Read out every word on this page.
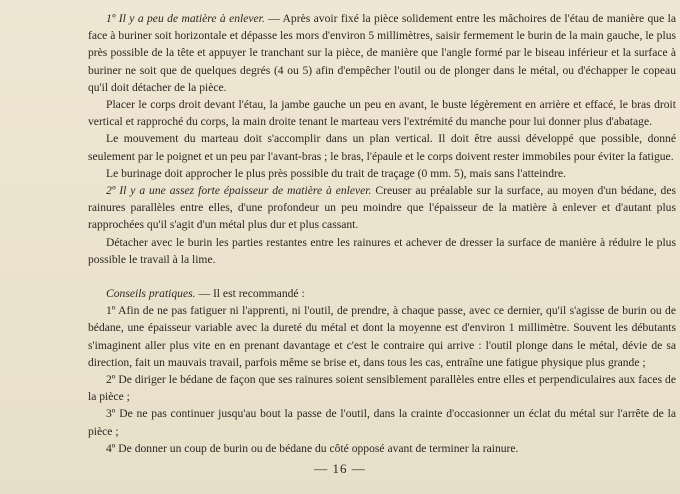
1º Il y a peu de matière à enlever. — Après avoir fixé la pièce solidement entre les mâchoires de l'étau de manière que la face à buriner soit horizontale et dépasse les mors d'environ 5 millimètres, saisir fermement le burin de la main gauche, le plus près possible de la tête et appuyer le tranchant sur la pièce, de manière que l'angle formé par le biseau inférieur et la surface à buriner ne soit que de quelques degrés (4 ou 5) afin d'empêcher l'outil ou de plonger dans le métal, ou d'échapper le copeau qu'il doit détacher de la pièce.

Placer le corps droit devant l'étau, la jambe gauche un peu en avant, le buste légèrement en arrière et effacé, le bras droit vertical et rapproché du corps, la main droite tenant le marteau vers l'extrémité du manche pour lui donner plus d'abatage.

Le mouvement du marteau doit s'accomplir dans un plan vertical. Il doit être aussi développé que possible, donné seulement par le poignet et un peu par l'avant-bras ; le bras, l'épaule et le corps doivent rester immobiles pour éviter la fatigue.

Le burinage doit approcher le plus près possible du trait de traçage (0 mm. 5), mais sans l'atteindre.

2º Il y a une assez forte épaisseur de matière à enlever. Creuser au préalable sur la surface, au moyen d'un bédane, des rainures parallèles entre elles, d'une profondeur un peu moindre que l'épaisseur de la matière à enlever et d'autant plus rapprochées qu'il s'agit d'un métal plus dur et plus cassant.

Détacher avec le burin les parties restantes entre les rainures et achever de dresser la surface de manière à réduire le plus possible le travail à la lime.

Conseils pratiques. — Il est recommandé :

1º Afin de ne pas fatiguer ni l'apprenti, ni l'outil, de prendre, à chaque passe, avec ce dernier, qu'il s'agisse de burin ou de bédane, une épaisseur variable avec la dureté du métal et dont la moyenne est d'environ 1 millimètre. Souvent les débutants s'imaginent aller plus vite en en prenant davantage et c'est le contraire qui arrive : l'outil plonge dans le métal, dévie de sa direction, fait un mauvais travail, parfois même se brise et, dans tous les cas, entraîne une fatigue physique plus grande ;

2º De diriger le bédane de façon que ses rainures soient sensiblement parallèles entre elles et perpendiculaires aux faces de la pièce ;

3º De ne pas continuer jusqu'au bout la passe de l'outil, dans la crainte d'occasionner un éclat du métal sur l'arrête de la pièce ;

4º De donner un coup de burin ou de bédane du côté opposé avant de terminer la rainure.

— 16 —
